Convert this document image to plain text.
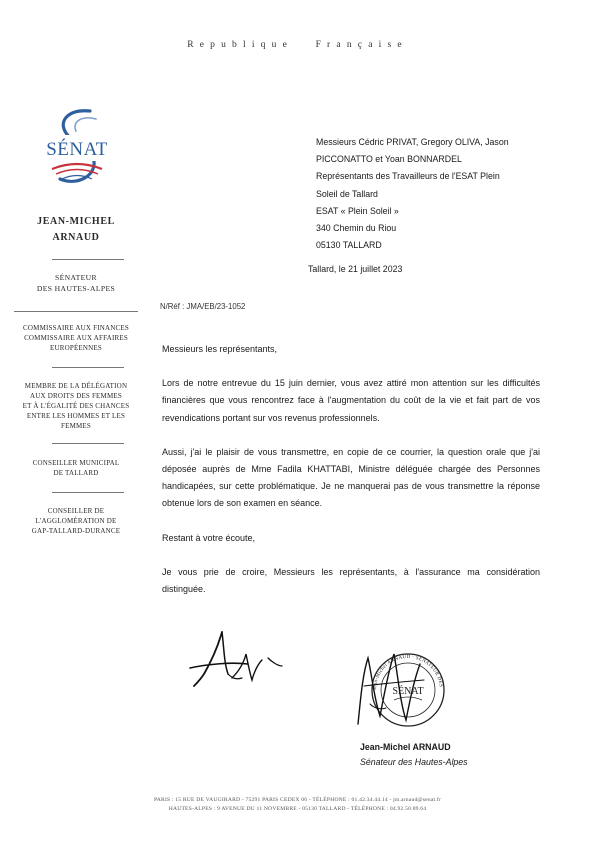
Republique Française
SÉNAT
JEAN-MICHEL
ARNAUD
SÉNATEUR
DES HAUTES-ALPES
COMMISSAIRE AUX FINANCES
COMMISSAIRE AUX AFFAIRES
EUROPÉENNES
MEMBRE DE LA DÉLÉGATION
AUX DROITS DES FEMMES
ET À L'ÉGALITÉ DES CHANCES
ENTRE LES HOMMES ET LES
FEMMES
CONSEILLER MUNICIPAL
DE TALLARD
CONSEILLER DE
L'AGGLOMÉRATION DE
GAP-TALLARD-DURANCE
Messieurs Cédric PRIVAT, Gregory OLIVA, Jason
PICCONATTO et Yoan BONNARDEL
Représentants des Travailleurs de l'ESAT Plein
Soleil de Tallard
ESAT « Plein Soleil »
340 Chemin du Riou
05130 TALLARD
Tallard, le 21 juillet 2023
N/Réf : JMA/EB/23-1052

Messieurs les représentants,

Lors de notre entrevue du 15 juin dernier, vous avez attiré mon attention sur les difficultés financières que vous rencontrez face à l'augmentation du coût de la vie et fait part de vos revendications portant sur vos revenus professionnels.

Aussi, j'ai le plaisir de vous transmettre, en copie de ce courrier, la question orale que j'ai déposée auprès de Mme Fadila KHATTABI, Ministre déléguée chargée des Personnes handicapées, sur cette problématique. Je ne manquerai pas de vous transmettre la réponse obtenue lors de son examen en séance.

Restant à votre écoute,

Je vous prie de croire, Messieurs les représentants, à l'assurance ma considération distinguée.

Jean-Michel ARNAUD · SÉNATEUR DES
SÉNAT
Jean-Michel ARNAUD
Sénateur des Hautes-Alpes
PARIS : 15 RUE DE VAUGIRARD - 75291 PARIS CEDEX 06 - TÉLÉPHONE : 01.42.34.44.14 - jm.arnaud@senat.fr
HAUTES-ALPES : 9 AVENUE DU 11 NOVEMBRE - 05130 TALLARD - TÉLÉPHONE : 04.92.50.89.64
